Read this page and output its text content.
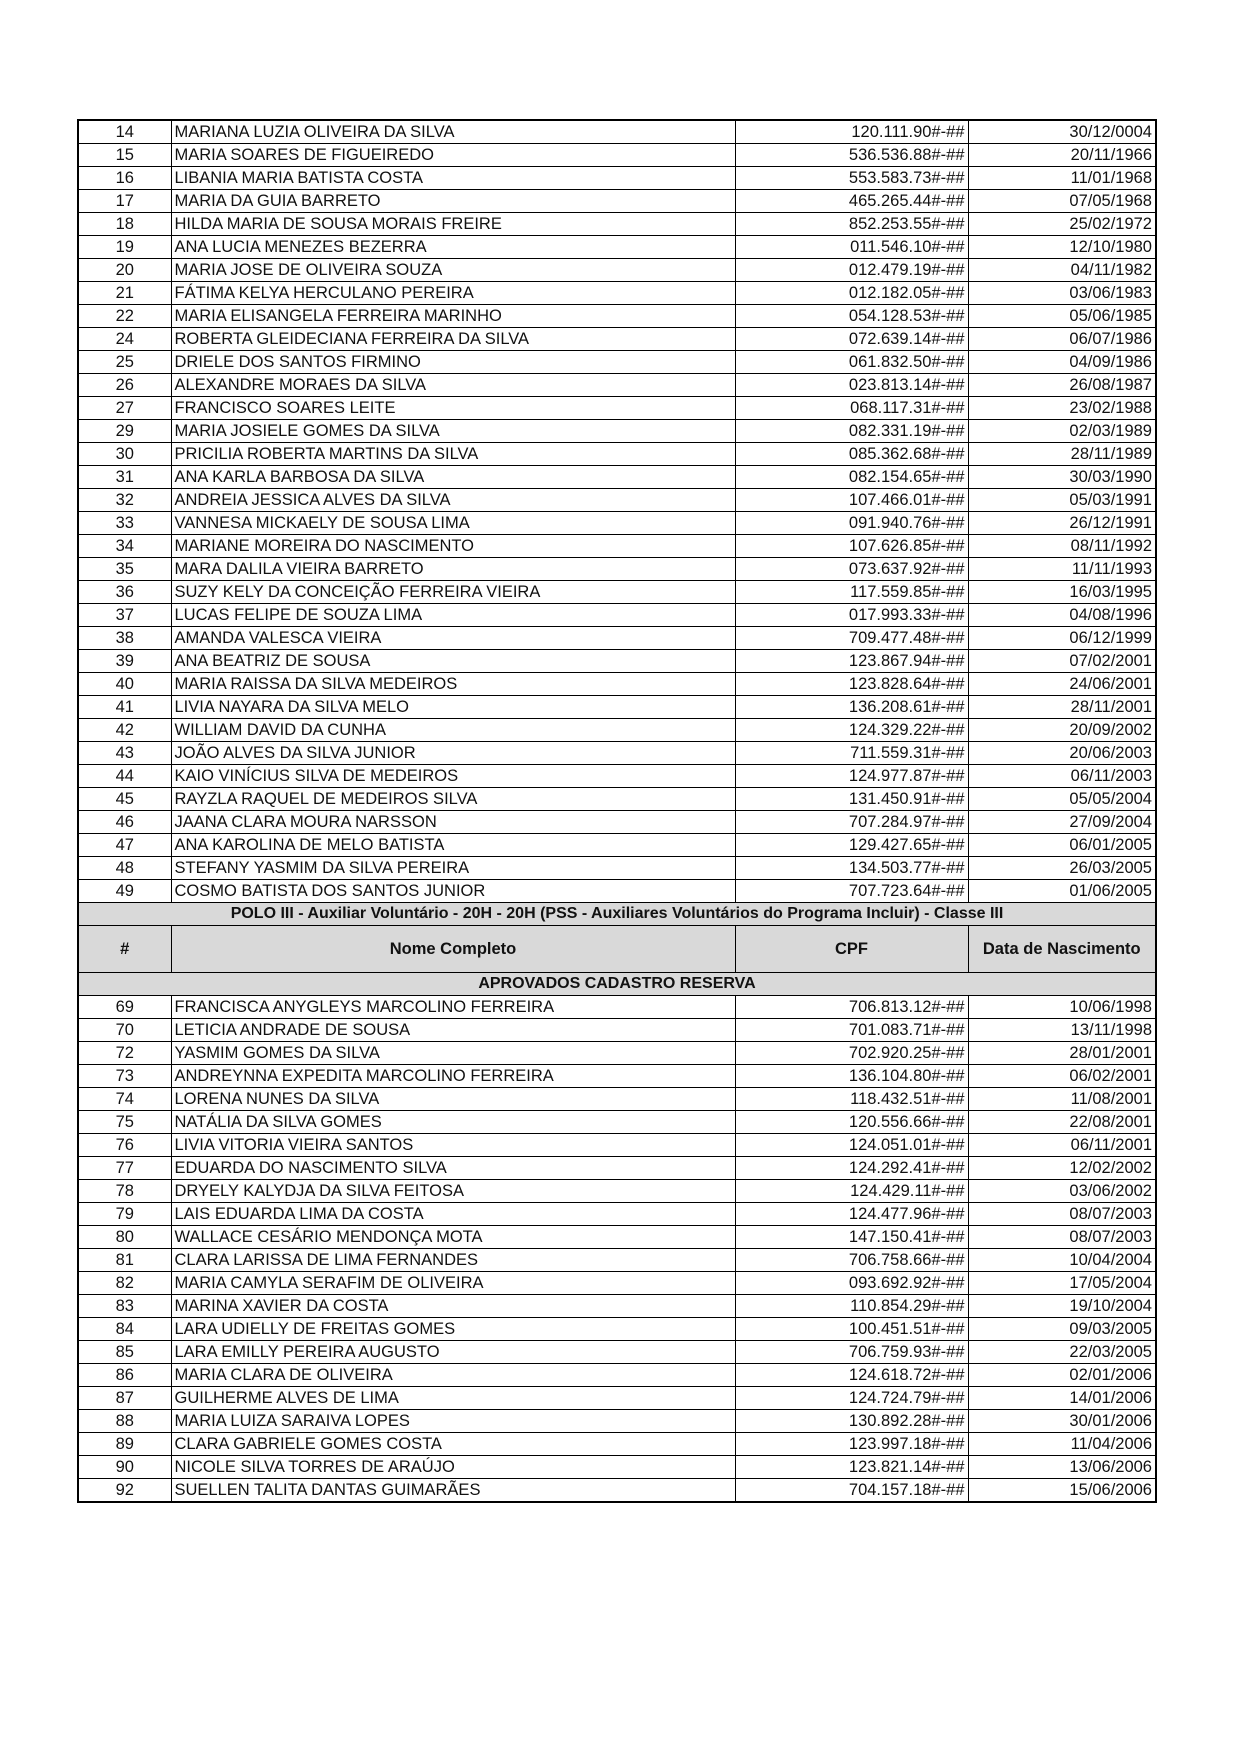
14	MARIANA LUZIA OLIVEIRA DA SILVA	120.111.90#-##	30/12/0004
15	MARIA SOARES DE FIGUEIREDO	536.536.88#-##	20/11/1966
16	LIBANIA MARIA BATISTA COSTA	553.583.73#-##	11/01/1968
17	MARIA DA GUIA BARRETO	465.265.44#-##	07/05/1968
18	HILDA MARIA DE SOUSA MORAIS FREIRE	852.253.55#-##	25/02/1972
19	ANA LUCIA MENEZES BEZERRA	011.546.10#-##	12/10/1980
20	MARIA JOSE DE OLIVEIRA SOUZA	012.479.19#-##	04/11/1982
21	FÁTIMA KELYA HERCULANO PEREIRA	012.182.05#-##	03/06/1983
22	MARIA ELISANGELA FERREIRA MARINHO	054.128.53#-##	05/06/1985
24	ROBERTA GLEIDECIANA FERREIRA DA SILVA	072.639.14#-##	06/07/1986
25	DRIELE DOS SANTOS FIRMINO	061.832.50#-##	04/09/1986
26	ALEXANDRE MORAES DA SILVA	023.813.14#-##	26/08/1987
27	FRANCISCO SOARES LEITE	068.117.31#-##	23/02/1988
29	MARIA JOSIELE GOMES DA SILVA	082.331.19#-##	02/03/1989
30	PRICILIA ROBERTA MARTINS DA SILVA	085.362.68#-##	28/11/1989
31	ANA KARLA BARBOSA DA SILVA	082.154.65#-##	30/03/1990
32	ANDREIA JESSICA ALVES DA SILVA	107.466.01#-##	05/03/1991
33	VANNESA MICKAELY DE SOUSA LIMA	091.940.76#-##	26/12/1991
34	MARIANE MOREIRA DO NASCIMENTO	107.626.85#-##	08/11/1992
35	MARA DALILA VIEIRA BARRETO	073.637.92#-##	11/11/1993
36	SUZY KELY DA CONCEIÇÃO FERREIRA VIEIRA	117.559.85#-##	16/03/1995
37	LUCAS FELIPE DE SOUZA LIMA	017.993.33#-##	04/08/1996
38	AMANDA VALESCA VIEIRA	709.477.48#-##	06/12/1999
39	ANA BEATRIZ DE SOUSA	123.867.94#-##	07/02/2001
40	MARIA RAISSA DA SILVA MEDEIROS	123.828.64#-##	24/06/2001
41	LIVIA NAYARA DA SILVA MELO	136.208.61#-##	28/11/2001
42	WILLIAM DAVID DA CUNHA	124.329.22#-##	20/09/2002
43	JOÃO ALVES DA SILVA JUNIOR	711.559.31#-##	20/06/2003
44	KAIO VINÍCIUS SILVA DE MEDEIROS	124.977.87#-##	06/11/2003
45	RAYZLA RAQUEL DE MEDEIROS SILVA	131.450.91#-##	05/05/2004
46	JAANA CLARA MOURA NARSSON	707.284.97#-##	27/09/2004
47	ANA KAROLINA DE MELO BATISTA	129.427.65#-##	06/01/2005
48	STEFANY YASMIM DA SILVA PEREIRA	134.503.77#-##	26/03/2005
49	COSMO BATISTA DOS SANTOS JUNIOR	707.723.64#-##	01/06/2005
POLO III - Auxiliar Voluntário - 20H - 20H (PSS - Auxiliares Voluntários do Programa Incluir) - Classe III			
#	Nome Completo	CPF	Data de Nascimento
APROVADOS CADASTRO RESERVA			
69	FRANCISCA ANYGLEYS MARCOLINO FERREIRA	706.813.12#-##	10/06/1998
70	LETICIA ANDRADE DE SOUSA	701.083.71#-##	13/11/1998
72	YASMIM GOMES DA SILVA	702.920.25#-##	28/01/2001
73	ANDREYNNA EXPEDITA MARCOLINO FERREIRA	136.104.80#-##	06/02/2001
74	LORENA NUNES DA SILVA	118.432.51#-##	11/08/2001
75	NATÁLIA DA SILVA GOMES	120.556.66#-##	22/08/2001
76	LIVIA VITORIA VIEIRA SANTOS	124.051.01#-##	06/11/2001
77	EDUARDA DO NASCIMENTO SILVA	124.292.41#-##	12/02/2002
78	DRYELY KALYDJA DA SILVA FEITOSA	124.429.11#-##	03/06/2002
79	LAIS EDUARDA LIMA DA COSTA	124.477.96#-##	08/07/2003
80	WALLACE CESÁRIO MENDONÇA MOTA	147.150.41#-##	08/07/2003
81	CLARA LARISSA DE LIMA FERNANDES	706.758.66#-##	10/04/2004
82	MARIA CAMYLA SERAFIM DE OLIVEIRA	093.692.92#-##	17/05/2004
83	MARINA XAVIER DA COSTA	110.854.29#-##	19/10/2004
84	LARA UDIELLY DE FREITAS GOMES	100.451.51#-##	09/03/2005
85	LARA EMILLY PEREIRA AUGUSTO	706.759.93#-##	22/03/2005
86	MARIA CLARA DE OLIVEIRA	124.618.72#-##	02/01/2006
87	GUILHERME ALVES DE LIMA	124.724.79#-##	14/01/2006
88	MARIA LUIZA SARAIVA LOPES	130.892.28#-##	30/01/2006
89	CLARA GABRIELE GOMES COSTA	123.997.18#-##	11/04/2006
90	NICOLE SILVA TORRES DE ARAÚJO	123.821.14#-##	13/06/2006
92	SUELLEN TALITA DANTAS GUIMARÃES	704.157.18#-##	15/06/2006
